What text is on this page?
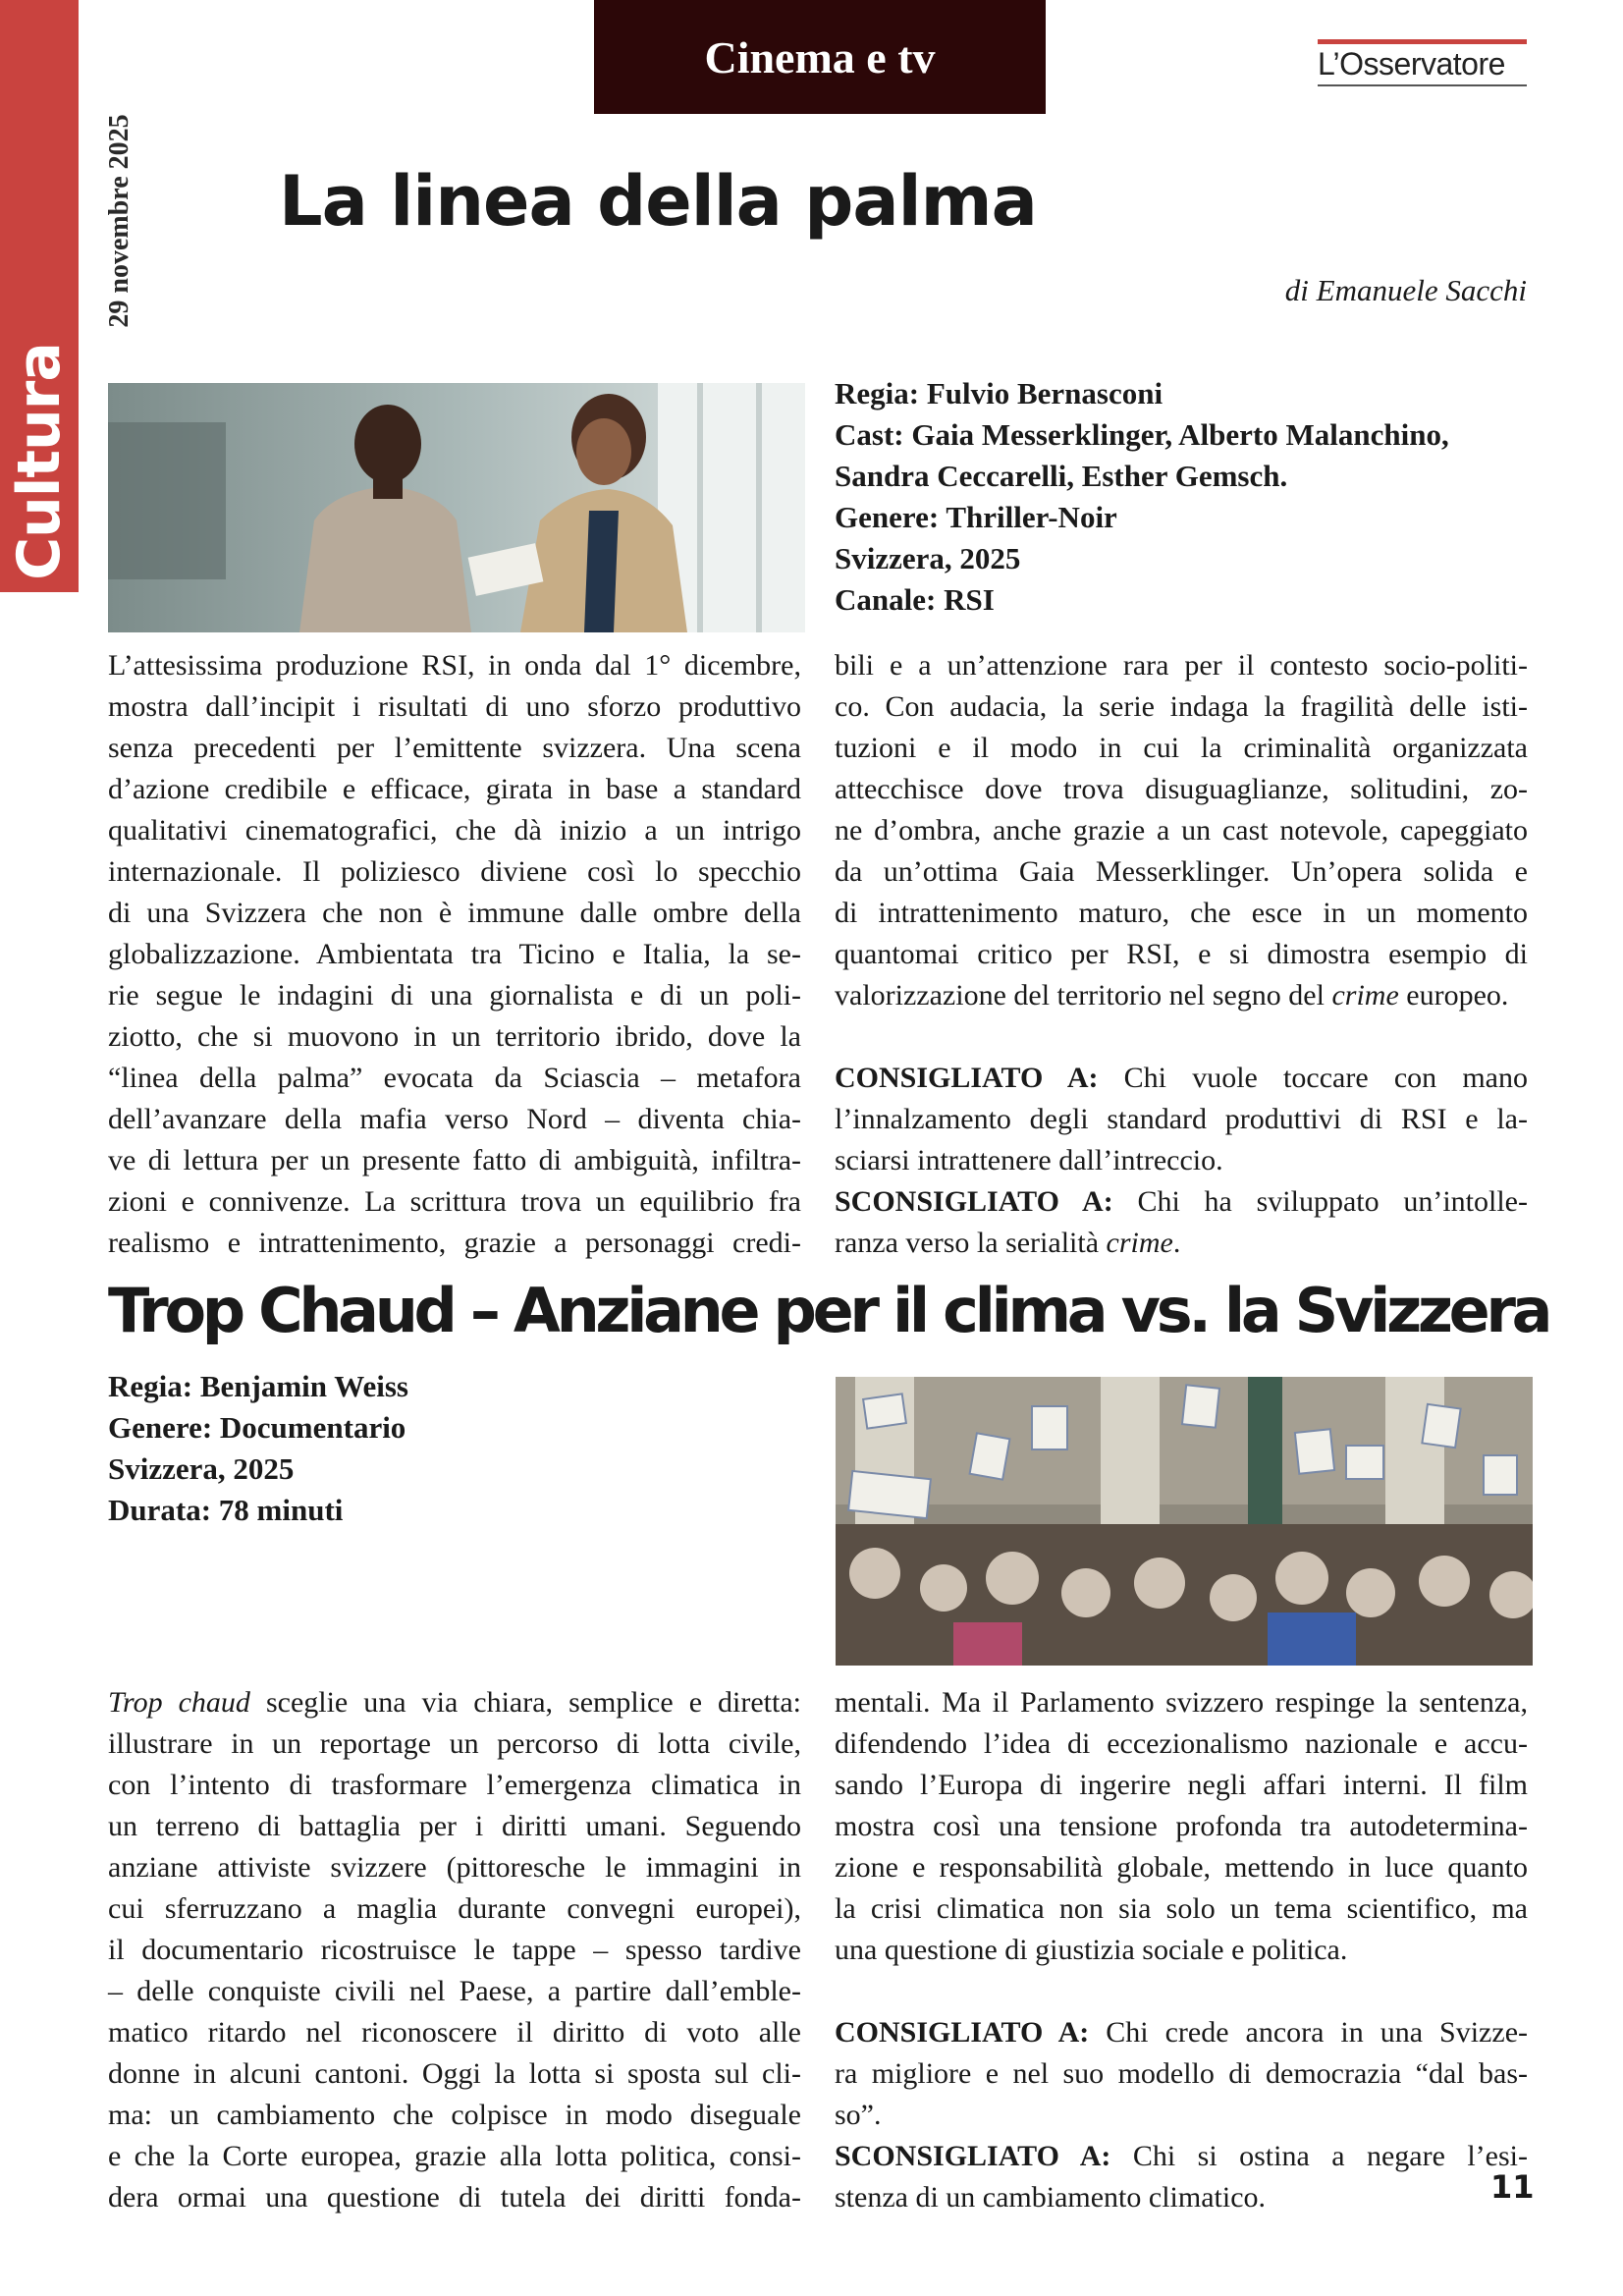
Cultura
29 novembre 2025
Cinema e tv	L’Osservatore
La linea della palma
di Emanuele Sacchi
Regia: Fulvio Bernasconi
Cast: Gaia Messerklinger, Alberto Malanchino,
Sandra Ceccarelli, Esther Gemsch.
Genere: Thriller-Noir
Svizzera, 2025
Canale: RSI

L’attesissima produzione RSI, in onda dal 1° dicembre,

mostra dall’incipit i risultati di uno sforzo produttivo

senza precedenti per l’emittente svizzera. Una scena

d’azione credibile e efficace, girata in base a standard

qualitativi cinematografici, che dà inizio a un intrigo

internazionale. Il poliziesco diviene così lo specchio

di una Svizzera che non è immune dalle ombre della

globalizzazione. Ambientata tra Ticino e Italia, la se-

rie segue le indagini di una giornalista e di un poli-

ziotto, che si muovono in un territorio ibrido, dove la

“linea della palma” evocata da Sciascia – metafora

dell’avanzare della mafia verso Nord – diventa chia-

ve di lettura per un presente fatto di ambiguità, infiltra-

zioni e connivenze. La scrittura trova un equilibrio fra

realismo e intrattenimento, grazie a personaggi credi-

bili e a un’attenzione rara per il contesto socio-politi-

co. Con audacia, la serie indaga la fragilità delle isti-

tuzioni e il modo in cui la criminalità organizzata

attecchisce dove trova disuguaglianze, solitudini, zo-

ne d’ombra, anche grazie a un cast notevole, capeggiato

da un’ottima Gaia Messerklinger. Un’opera solida e

di intrattenimento maturo, che esce in un momento

quantomai critico per RSI, e si dimostra esempio di

valorizzazione del territorio nel segno del crime europeo.

CONSIGLIATO A: Chi vuole toccare con mano

l’innalzamento degli standard produttivi di RSI e la-

sciarsi intrattenere dall’intreccio.

SCONSIGLIATO A: Chi ha sviluppato un’intolle-

ranza verso la serialità crime.

Trop Chaud – Anziane per il clima vs. la Svizzera
Regia: Benjamin Weiss
Genere: Documentario
Svizzera, 2025
Durata: 78 minuti

Trop chaud sceglie una via chiara, semplice e diretta:

illustrare in un reportage un percorso di lotta civile,

con l’intento di trasformare l’emergenza climatica in

un terreno di battaglia per i diritti umani. Seguendo

anziane attiviste svizzere (pittoresche le immagini in

cui sferruzzano a maglia durante convegni europei),

il documentario ricostruisce le tappe – spesso tardive

– delle conquiste civili nel Paese, a partire dall’emble-

matico ritardo nel riconoscere il diritto di voto alle

donne in alcuni cantoni. Oggi la lotta si sposta sul cli-

ma: un cambiamento che colpisce in modo diseguale

e che la Corte europea, grazie alla lotta politica, consi-

dera ormai una questione di tutela dei diritti fonda-

mentali. Ma il Parlamento svizzero respinge la sentenza,

difendendo l’idea di eccezionalismo nazionale e accu-

sando l’Europa di ingerire negli affari interni. Il film

mostra così una tensione profonda tra autodetermina-

zione e responsabilità globale, mettendo in luce quanto

la crisi climatica non sia solo un tema scientifico, ma

una questione di giustizia sociale e politica.

CONSIGLIATO A: Chi crede ancora in una Svizze-

ra migliore e nel suo modello di democrazia “dal bas-

so”.

SCONSIGLIATO A: Chi si ostina a negare l’esi-

stenza di un cambiamento climatico.	11
